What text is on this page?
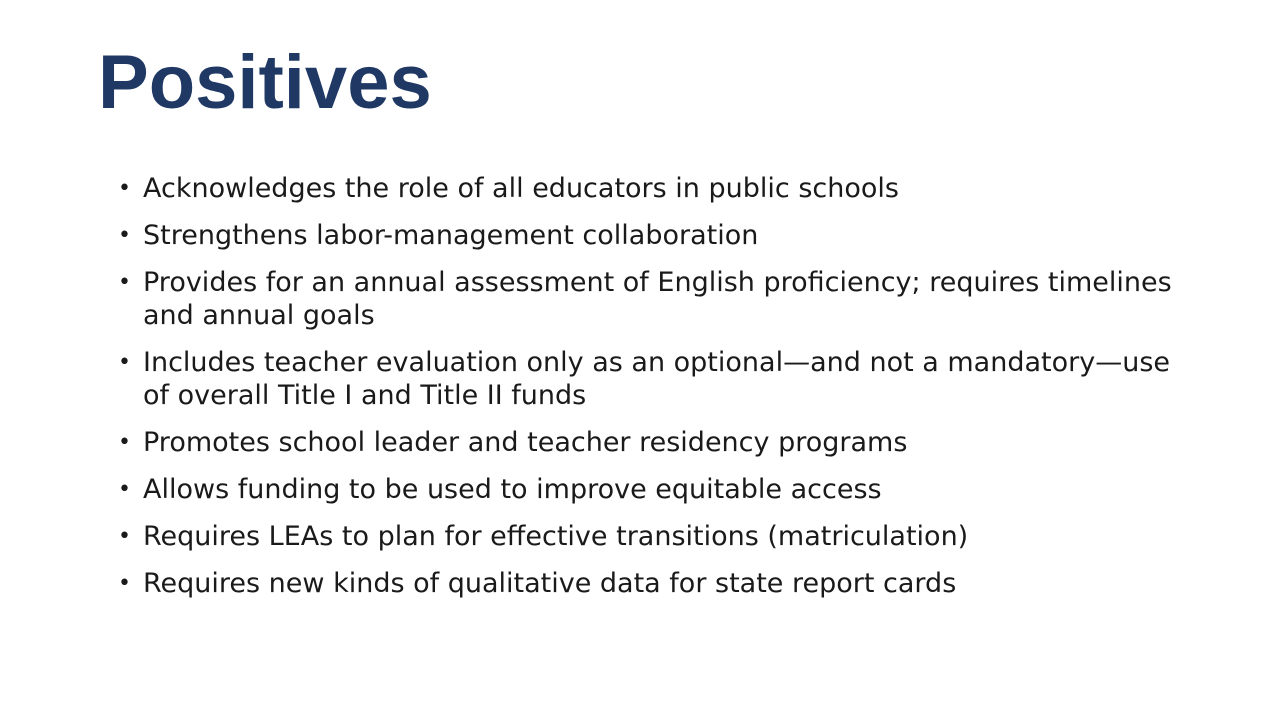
Positives
• Acknowledges the role of all educators in public schools
• Strengthens labor-management collaboration
• Provides for an annual assessment of English proficiency; requires timelines and annual goals
• Includes teacher evaluation only as an optional—and not a mandatory—use of overall Title I and Title II funds
• Promotes school leader and teacher residency programs
• Allows funding to be used to improve equitable access
• Requires LEAs to plan for effective transitions (matriculation)
• Requires new kinds of qualitative data for state report cards
